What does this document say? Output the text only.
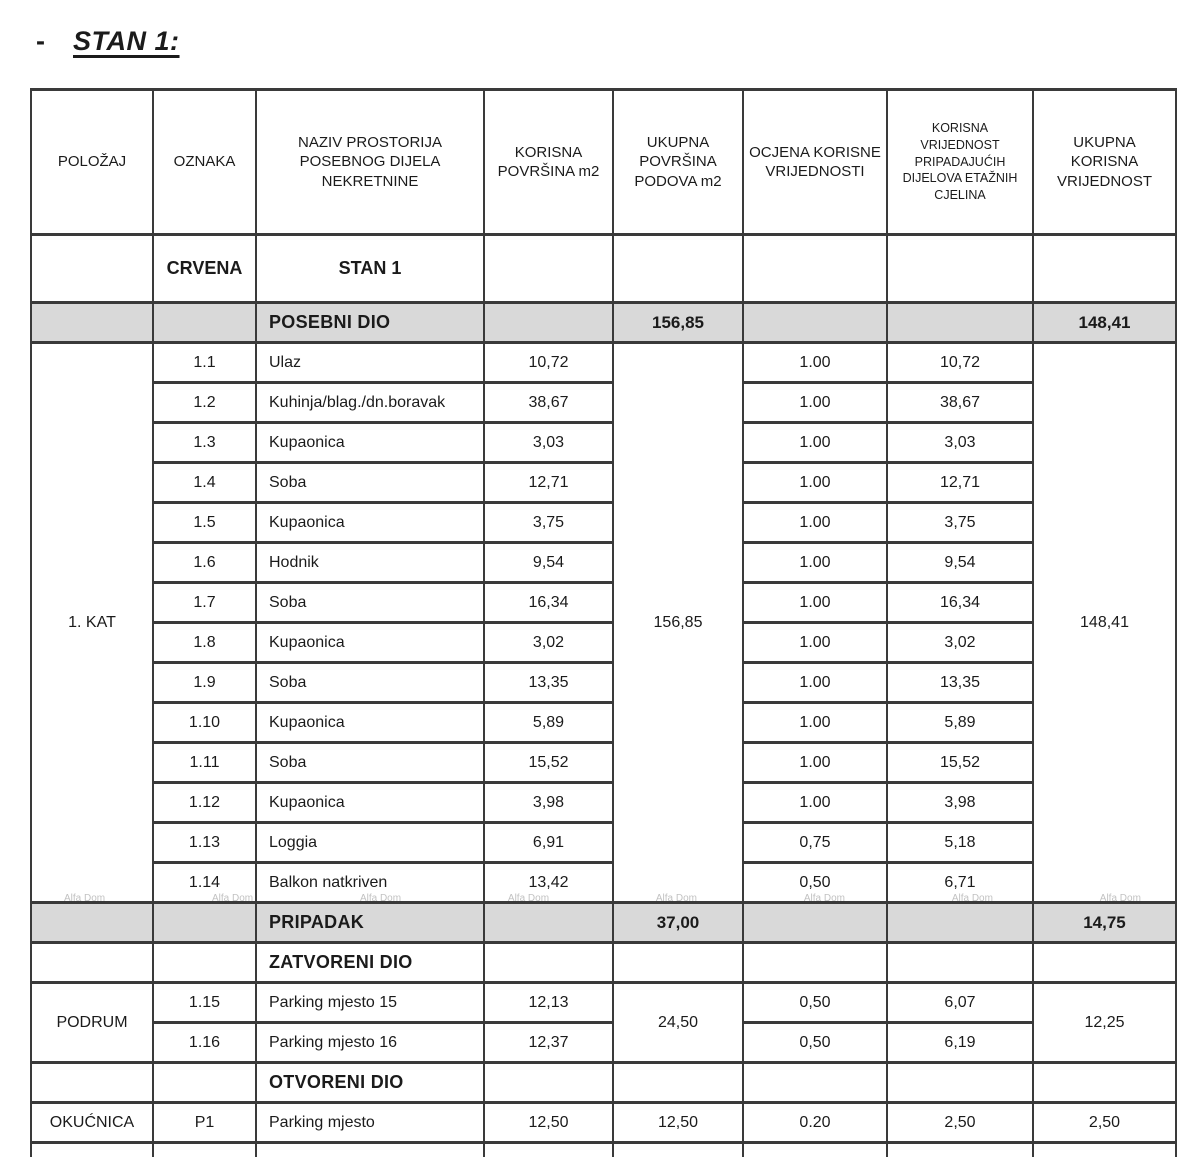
- STAN 1:
POLOŽAJ	OZNAKA	NAZIV PROSTORIJA POSEBNOG DIJELA NEKRETNINE	KORISNA POVRŠINA m2	UKUPNA POVRŠINA PODOVA m2	OCJENA KORISNE VRIJEDNOSTI	KORISNA VRIJEDNOST PRIPADAJUĆIH DIJELOVA ETAŽNIH CJELINA	UKUPNA KORISNA VRIJEDNOST
	CRVENA	STAN 1					
		POSEBNI DIO		156,85			148,41
1. KAT	1.1	Ulaz	10,72	156,85	1.00	10,72	148,41
	1.2	Kuhinja/blag./dn.boravak	38,67		1.00	38,67	
	1.3	Kupaonica	3,03		1.00	3,03	
	1.4	Soba	12,71		1.00	12,71	
	1.5	Kupaonica	3,75		1.00	3,75	
	1.6	Hodnik	9,54		1.00	9,54	
	1.7	Soba	16,34		1.00	16,34	
	1.8	Kupaonica	3,02		1.00	3,02	
	1.9	Soba	13,35		1.00	13,35	
	1.10	Kupaonica	5,89		1.00	5,89	
	1.11	Soba	15,52		1.00	15,52	
	1.12	Kupaonica	3,98		1.00	3,98	
	1.13	Loggia	6,91		0,75	5,18	
	1.14	Balkon natkriven	13,42		0,50	6,71	
		PRIPADAK		37,00			14,75
		ZATVORENI DIO					
PODRUM	1.15	Parking mjesto 15	12,13	24,50	0,50	6,07	12,25
	1.16	Parking mjesto 16	12,37		0,50	6,19	
		OTVORENI DIO					
OKUĆNICA	P1	Parking mjesto	12,50	12,50	0.20	2,50	2,50

Alfa Dom	Alfa Dom	Alfa Dom	Alfa Dom	Alfa Dom	Alfa Dom	Alfa Dom	Alfa Dom
